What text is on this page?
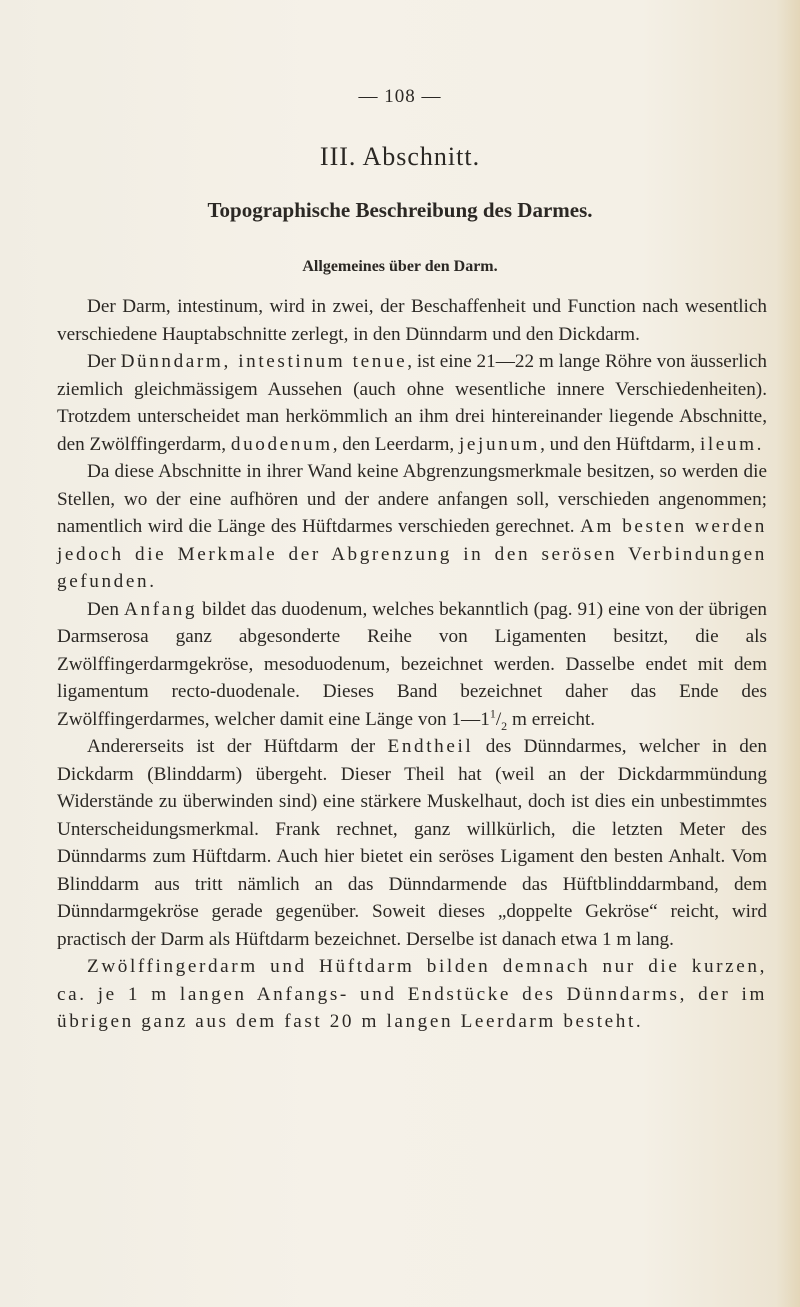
— 108 —
III. Abschnitt.
Topographische Beschreibung des Darmes.
Allgemeines über den Darm.

Der Darm, intestinum, wird in zwei, der Beschaffenheit und Function nach wesentlich verschiedene Hauptabschnitte zerlegt, in den Dünndarm und den Dickdarm.

Der Dünndarm, intestinum tenue, ist eine 21—22 m lange Röhre von äusserlich ziemlich gleichmässigem Aussehen (auch ohne wesentliche innere Verschiedenheiten). Trotzdem unterscheidet man herkömmlich an ihm drei hintereinander liegende Abschnitte, den Zwölffingerdarm, duodenum, den Leerdarm, jejunum, und den Hüftdarm, ileum.

Da diese Abschnitte in ihrer Wand keine Abgrenzungsmerkmale besitzen, so werden die Stellen, wo der eine aufhören und der andere anfangen soll, verschieden angenommen; namentlich wird die Länge des Hüftdarmes verschieden gerechnet. Am besten werden jedoch die Merkmale der Abgrenzung in den serösen Verbindungen gefunden.

Den Anfang bildet das duodenum, welches bekanntlich (pag. 91) eine von der übrigen Darmserosa ganz abgesonderte Reihe von Ligamenten besitzt, die als Zwölffingerdarmgekröse, mesoduodenum, bezeichnet werden. Dasselbe endet mit dem ligamentum recto-duodenale. Dieses Band bezeichnet daher das Ende des Zwölffingerdarmes, welcher damit eine Länge von $1—1^1/_2$ m erreicht.

Andererseits ist der Hüftdarm der Endtheil des Dünndarmes, welcher in den Dickdarm (Blinddarm) übergeht. Dieser Theil hat (weil an der Dickdarmmündung Widerstände zu überwinden sind) eine stärkere Muskelhaut, doch ist dies ein unbestimmtes Unterscheidungsmerkmal. Frank rechnet, ganz willkürlich, die letzten Meter des Dünndarms zum Hüftdarm. Auch hier bietet ein seröses Ligament den besten Anhalt. Vom Blinddarm aus tritt nämlich an das Dünndarmende das Hüftblinddarmband, dem Dünndarmgekröse gerade gegenüber. Soweit dieses „doppelte Gekröse“ reicht, wird practisch der Darm als Hüftdarm bezeichnet. Derselbe ist danach etwa 1 m lang.

Zwölffingerdarm und Hüftdarm bilden demnach nur die kurzen, ca. je 1 m langen Anfangs- und Endstücke des Dünndarms, der im übrigen ganz aus dem fast 20 m langen Leerdarm besteht.
